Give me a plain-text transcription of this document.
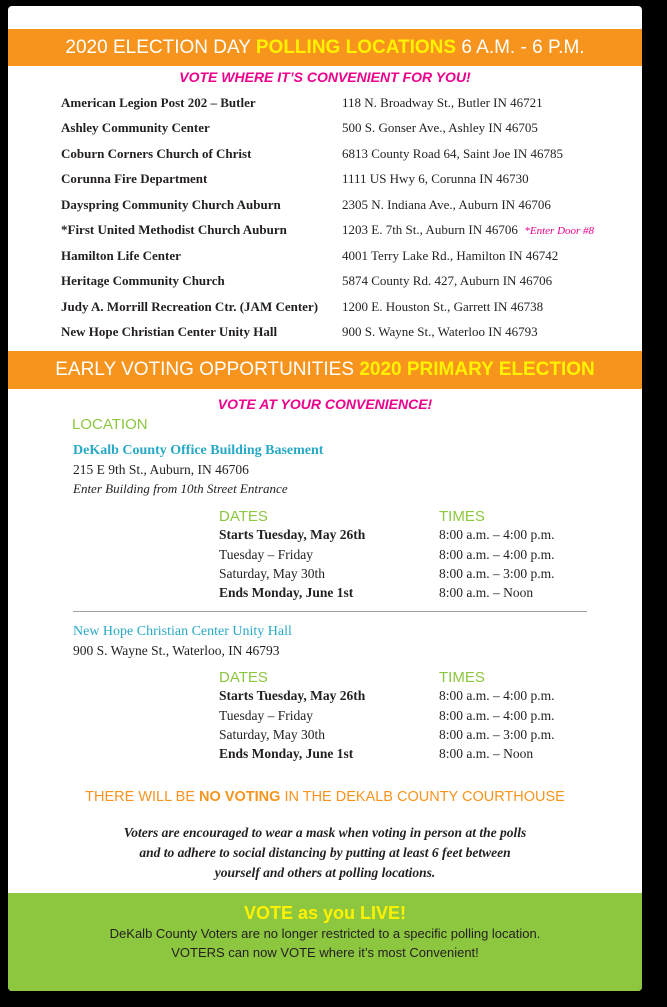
2020 ELECTION DAY POLLING LOCATIONS 6 A.M. - 6 P.M.
VOTE WHERE IT’S CONVENIENT FOR YOU!
American Legion Post 202 – Butler	118 N. Broadway St., Butler IN 46721
Ashley Community Center	500 S. Gonser Ave., Ashley IN 46705
Coburn Corners Church of Christ	6813 County Road 64, Saint Joe IN 46785
Corunna Fire Department	1111 US Hwy 6, Corunna IN 46730
Dayspring Community Church Auburn	2305 N. Indiana Ave., Auburn IN 46706
*First United Methodist Church Auburn	1203 E. 7th St., Auburn IN 46706 *Enter Door #8
Hamilton Life Center	4001 Terry Lake Rd., Hamilton IN 46742
Heritage Community Church	5874 County Rd. 427, Auburn IN 46706
Judy A. Morrill Recreation Ctr. (JAM Center) 1200 E. Houston St., Garrett IN 46738
New Hope Christian Center Unity Hall	900 S. Wayne St., Waterloo IN 46793
EARLY VOTING OPPORTUNITIES 2020 PRIMARY ELECTION
VOTE AT YOUR CONVENIENCE!
LOCATION
DeKalb County Office Building Basement
215 E 9th St., Auburn, IN 46706
Enter Building from 10th Street Entrance
DATES	TIMES
Starts Tuesday, May 26th	8:00 a.m. – 4:00 p.m.
Tuesday – Friday	8:00 a.m. – 4:00 p.m.
Saturday, May 30th	8:00 a.m. – 3:00 p.m.
Ends Monday, June 1st	8:00 a.m. – Noon
New Hope Christian Center Unity Hall
900 S. Wayne St., Waterloo, IN 46793
DATES	TIMES
Starts Tuesday, May 26th	8:00 a.m. – 4:00 p.m.
Tuesday – Friday	8:00 a.m. – 4:00 p.m.
Saturday, May 30th	8:00 a.m. – 3:00 p.m.
Ends Monday, June 1st	8:00 a.m. – Noon
THERE WILL BE NO VOTING IN THE DEKALB COUNTY COURTHOUSE
Voters are encouraged to wear a mask when voting in person at the polls
and to adhere to social distancing by putting at least 6 feet between
yourself and others at polling locations.
VOTE as you LIVE!
DeKalb County Voters are no longer restricted to a specific polling location.
VOTERS can now VOTE where it’s most Convenient!
